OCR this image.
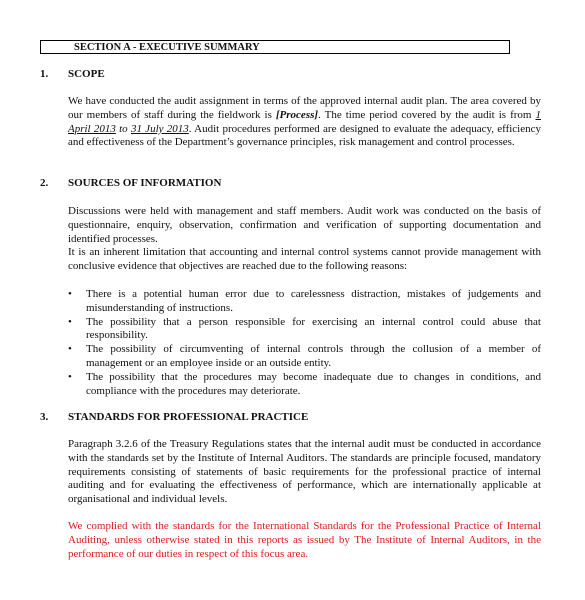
SECTION A - EXECUTIVE SUMMARY
1. SCOPE
We have conducted the audit assignment in terms of the approved internal audit plan. The area covered by our members of staff during the fieldwork is [Process]. The time period covered by the audit is from 1 April 2013 to 31 July 2013. Audit procedures performed are designed to evaluate the adequacy, efficiency and effectiveness of the Department’s governance principles, risk management and control processes.
2. SOURCES OF INFORMATION
Discussions were held with management and staff members. Audit work was conducted on the basis of questionnaire, enquiry, observation, confirmation and verification of supporting documentation and identified processes.
It is an inherent limitation that accounting and internal control systems cannot provide management with conclusive evidence that objectives are reached due to the following reasons:
• There is a potential human error due to carelessness distraction, mistakes of judgements and misunderstanding of instructions.
• The possibility that a person responsible for exercising an internal control could abuse that responsibility.
• The possibility of circumventing of internal controls through the collusion of a member of management or an employee inside or an outside entity.
• The possibility that the procedures may become inadequate due to changes in conditions, and compliance with the procedures may deteriorate.
3. STANDARDS FOR PROFESSIONAL PRACTICE
Paragraph 3.2.6 of the Treasury Regulations states that the internal audit must be conducted in accordance with the standards set by the Institute of Internal Auditors. The standards are principle focused, mandatory requirements consisting of statements of basic requirements for the professional practice of internal auditing and for evaluating the effectiveness of performance, which are internationally applicable at organisational and individual levels.
We complied with the standards for the International Standards for the Professional Practice of Internal Auditing, unless otherwise stated in this reports as issued by The Institute of Internal Auditors, in the performance of our duties in respect of this focus area.
